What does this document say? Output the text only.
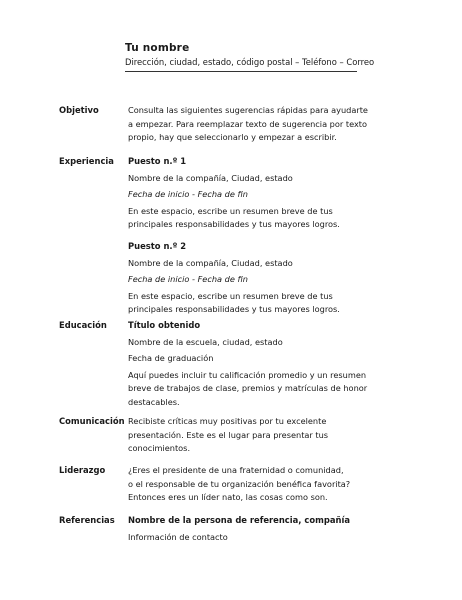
Tu nombre
Dirección, ciudad, estado, código postal – Teléfono – Correo
Objetivo	Consulta las siguientes sugerencias rápidas para ayudarte
a empezar. Para reemplazar texto de sugerencia por texto
propio, hay que seleccionarlo y empezar a escribir.
Experiencia Puesto n.º 1
Nombre de la compañía, Ciudad, estado
Fecha de inicio - Fecha de fin
En este espacio, escribe un resumen breve de tus
principales responsabilidades y tus mayores logros.
Puesto n.º 2
Nombre de la compañía, Ciudad, estado
Fecha de inicio - Fecha de fin
En este espacio, escribe un resumen breve de tus
principales responsabilidades y tus mayores logros.
Educación	Título obtenido
Nombre de la escuela, ciudad, estado
Fecha de graduación
Aquí puedes incluir tu calificación promedio y un resumen
breve de trabajos de clase, premios y matrículas de honor
destacables.
Comunicación Recibiste críticas muy positivas por tu excelente
presentación. Este es el lugar para presentar tus
conocimientos.
Liderazgo	¿Eres el presidente de una fraternidad o comunidad,
o el responsable de tu organización benéfica favorita?
Entonces eres un líder nato, las cosas como son.
Referencias Nombre de la persona de referencia, compañía
Información de contacto
